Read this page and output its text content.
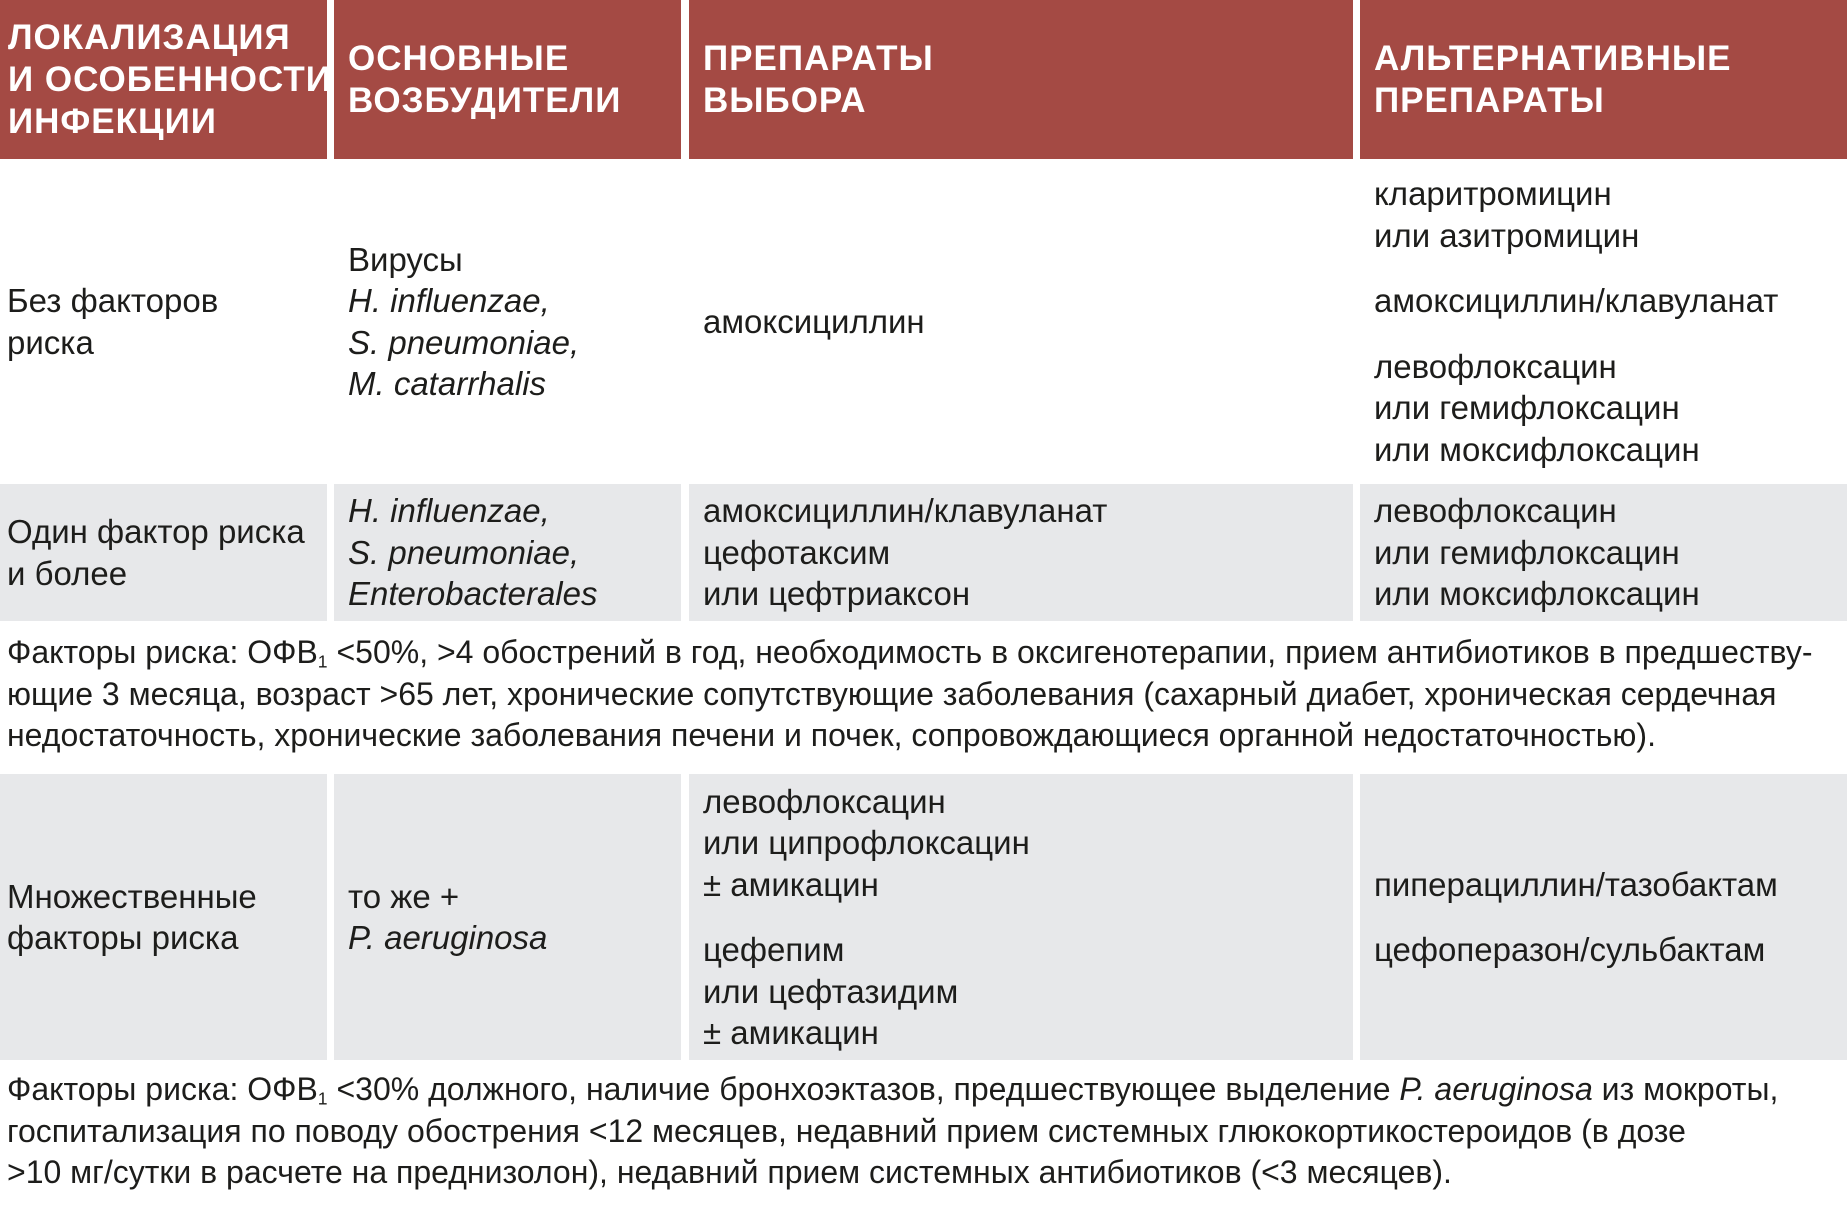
ЛОКАЛИЗАЦИЯ
И ОСОБЕННОСТИ
ИНФЕКЦИИ
ОСНОВНЫЕ
ВОЗБУДИТЕЛИ
ПРЕПАРАТЫ
ВЫБОРА
АЛЬТЕРНАТИВНЫЕ
ПРЕПАРАТЫ
Без факторов
риска
Вирусы
H. influenzae,
S. pneumoniae,
M. catarrhalis
амоксициллин
кларитромицин
или азитромицин
амоксициллин/клавуланат
левофлоксацин
или гемифлоксацин
или моксифлоксацин
Один фактор риска
и более
H. influenzae,
S. pneumoniae,
Enterobacterales
амоксициллин/клавуланат
цефотаксим
или цефтриаксон
левофлоксацин
или гемифлоксацин
или моксифлоксацин

Факторы риска: $ОФВ_1 <50\%$, >4 обострений в год, необходимость в оксигенотерапии, прием антибиотиков в предшеству-
ющие 3 месяца, возраст >65 лет, хронические сопутствующие заболевания (сахарный диабет, хроническая сердечная
недостаточность, хронические заболевания печени и почек, сопровождающиеся органной недостаточностью).

Множественные
факторы риска
то же +
P. aeruginosa
левофлоксацин
или ципрофлоксацин
± амикацин
цефепим
или цефтазидим
± амикацин
пиперациллин/тазобактам
цефоперазон/сульбактам

Факторы риска: $ОФВ_1 <30\%$ должного, наличие бронхоэктазов, предшествующее выделение P. aeruginosa из мокроты,
госпитализация по поводу обострения <12 месяцев, недавний прием системных глюкокортикостероидов (в дозе
>10 мг/сутки в расчете на преднизолон), недавний прием системных антибиотиков (<3 месяцев).
